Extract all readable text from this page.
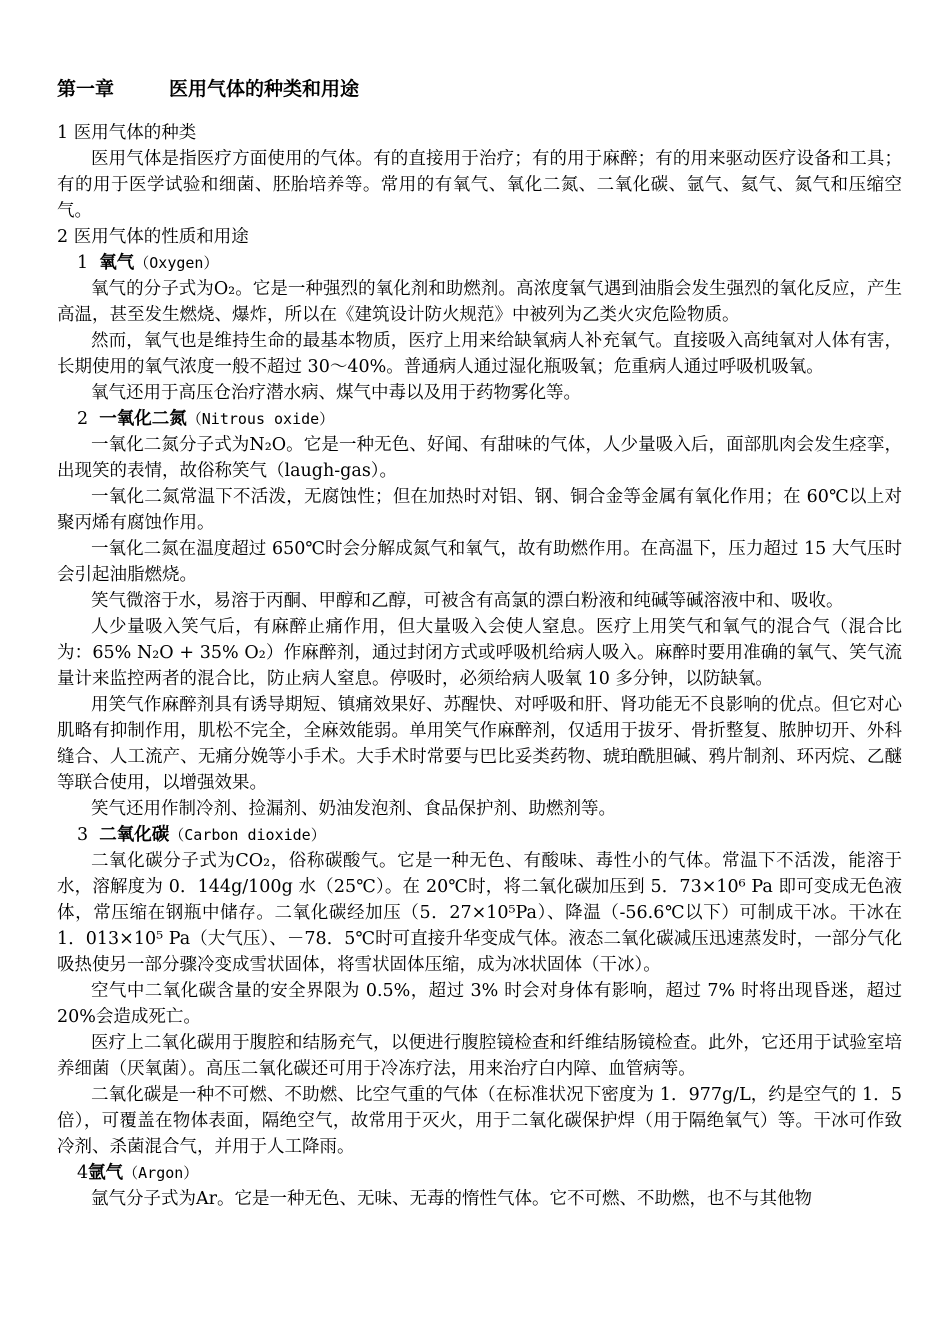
第一章	医用气体的种类和用途

1 医用气体的种类

医用气体是指医疗方面使用的气体。有的直接用于治疗；有的用于麻醉；有的用来驱动医疗设备和工具；有的用于医学试验和细菌、胚胎培养等。常用的有氧气、氧化二氮、二氧化碳、氩气、氦气、氮气和压缩空气。

2 医用气体的性质和用途

1 氧气（Oxygen）

氧气的分子式为O₂。它是一种强烈的氧化剂和助燃剂。高浓度氧气遇到油脂会发生强烈的氧化反应，产生高温，甚至发生燃烧、爆炸，所以在《建筑设计防火规范》中被列为乙类火灾危险物质。

然而，氧气也是维持生命的最基本物质，医疗上用来给缺氧病人补充氧气。直接吸入高纯氧对人体有害，长期使用的氧气浓度一般不超过 30～40%。普通病人通过湿化瓶吸氧；危重病人通过呼吸机吸氧。

氧气还用于高压仓治疗潜水病、煤气中毒以及用于药物雾化等。

2 一氧化二氮（Nitrous oxide）

一氧化二氮分子式为N₂O。它是一种无色、好闻、有甜味的气体，人少量吸入后，面部肌肉会发生痉挛，出现笑的表情，故俗称笑气（laugh-gas）。

一氧化二氮常温下不活泼，无腐蚀性；但在加热时对铝、钢、铜合金等金属有氧化作用；在 60℃以上对聚丙烯有腐蚀作用。

一氧化二氮在温度超过 650℃时会分解成氮气和氧气，故有助燃作用。在高温下，压力超过 15 大气压时会引起油脂燃烧。

笑气微溶于水，易溶于丙酮、甲醇和乙醇，可被含有高氯的漂白粉液和纯碱等碱溶液中和、吸收。

人少量吸入笑气后，有麻醉止痛作用，但大量吸入会使人窒息。医疗上用笑气和氧气的混合气（混合比为：65% N₂O + 35% O₂）作麻醉剂，通过封闭方式或呼吸机给病人吸入。麻醉时要用准确的氧气、笑气流量计来监控两者的混合比，防止病人窒息。停吸时，必须给病人吸氧 10 多分钟，以防缺氧。

用笑气作麻醉剂具有诱导期短、镇痛效果好、苏醒快、对呼吸和肝、肾功能无不良影响的优点。但它对心肌略有抑制作用，肌松不完全，全麻效能弱。单用笑气作麻醉剂，仅适用于拔牙、骨折整复、脓肿切开、外科缝合、人工流产、无痛分娩等小手术。大手术时常要与巴比妥类药物、琥珀酰胆碱、鸦片制剂、环丙烷、乙醚等联合使用，以增强效果。

笑气还用作制冷剂、捡漏剂、奶油发泡剂、食品保护剂、助燃剂等。

3 二氧化碳（Carbon dioxide）

二氧化碳分子式为CO₂，俗称碳酸气。它是一种无色、有酸味、毒性小的气体。常温下不活泼，能溶于水，溶解度为 0．144g/100g 水（25℃）。在 20℃时，将二氧化碳加压到 5．73×10⁶ Pa 即可变成无色液体，常压缩在钢瓶中储存。二氧化碳经加压（5．27×10⁵Pa）、降温（-56.6℃以下）可制成干冰。干冰在 1．013×10⁵ Pa（大气压）、－78．5℃时可直接升华变成气体。液态二氧化碳减压迅速蒸发时，一部分气化吸热使另一部分骤冷变成雪状固体，将雪状固体压缩，成为冰状固体（干冰）。

空气中二氧化碳含量的安全界限为 0.5%，超过 3% 时会对身体有影响，超过 7% 时将出现昏迷，超过 20%会造成死亡。

医疗上二氧化碳用于腹腔和结肠充气，以便进行腹腔镜检查和纤维结肠镜检查。此外，它还用于试验室培养细菌（厌氧菌）。高压二氧化碳还可用于冷冻疗法，用来治疗白内障、血管病等。

二氧化碳是一种不可燃、不助燃、比空气重的气体（在标准状况下密度为 1．977g/L，约是空气的 1．5 倍），可覆盖在物体表面，隔绝空气，故常用于灭火，用于二氧化碳保护焊（用于隔绝氧气）等。干冰可作致冷剂、杀菌混合气，并用于人工降雨。

4氩气（Argon）

氩气分子式为Ar。它是一种无色、无味、无毒的惰性气体。它不可燃、不助燃，也不与其他物
